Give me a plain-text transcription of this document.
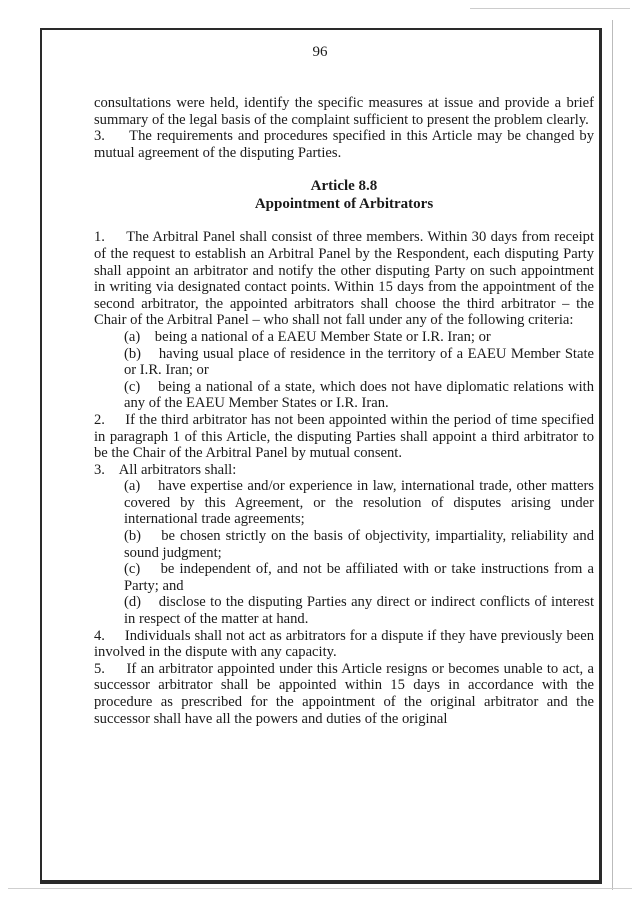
96

consultations were held, identify the specific measures at issue and provide a brief summary of the legal basis of the complaint sufficient to present the problem clearly.

3.     The requirements and procedures specified in this Article may be changed by mutual agreement of the disputing Parties.

Article 8.8
Appointment of Arbitrators

1.     The Arbitral Panel shall consist of three members. Within 30 days from receipt of the request to establish an Arbitral Panel by the Respondent, each disputing Party shall appoint an arbitrator and notify the other disputing Party on such appointment in writing via designated contact points. Within 15 days from the appointment of the second arbitrator, the appointed arbitrators shall choose the third arbitrator – the Chair of the Arbitral Panel – who shall not fall under any of the following criteria:

(a)    being a national of a EAEU Member State or I.R. Iran; or

(b)    having usual place of residence in the territory of a EAEU Member State or I.R. Iran; or

(c)    being a national of a state, which does not have diplomatic relations with any of the EAEU Member States or I.R. Iran.

2.     If the third arbitrator has not been appointed within the period of time specified in paragraph 1 of this Article, the disputing Parties shall appoint a third arbitrator to be the Chair of the Arbitral Panel by mutual consent.

3.    All arbitrators shall:

(a)    have expertise and/or experience in law, international trade, other matters covered by this Agreement, or the resolution of disputes arising under international trade agreements;

(b)    be chosen strictly on the basis of objectivity, impartiality, reliability and sound judgment;

(c)    be independent of, and not be affiliated with or take instructions from a Party; and

(d)    disclose to the disputing Parties any direct or indirect conflicts of interest in respect of the matter at hand.

4.     Individuals shall not act as arbitrators for a dispute if they have previously been involved in the dispute with any capacity.

5.     If an arbitrator appointed under this Article resigns or becomes unable to act, a successor arbitrator shall be appointed within 15 days in accordance with the procedure as prescribed for the appointment of the original arbitrator and the successor shall have all the powers and duties of the original
